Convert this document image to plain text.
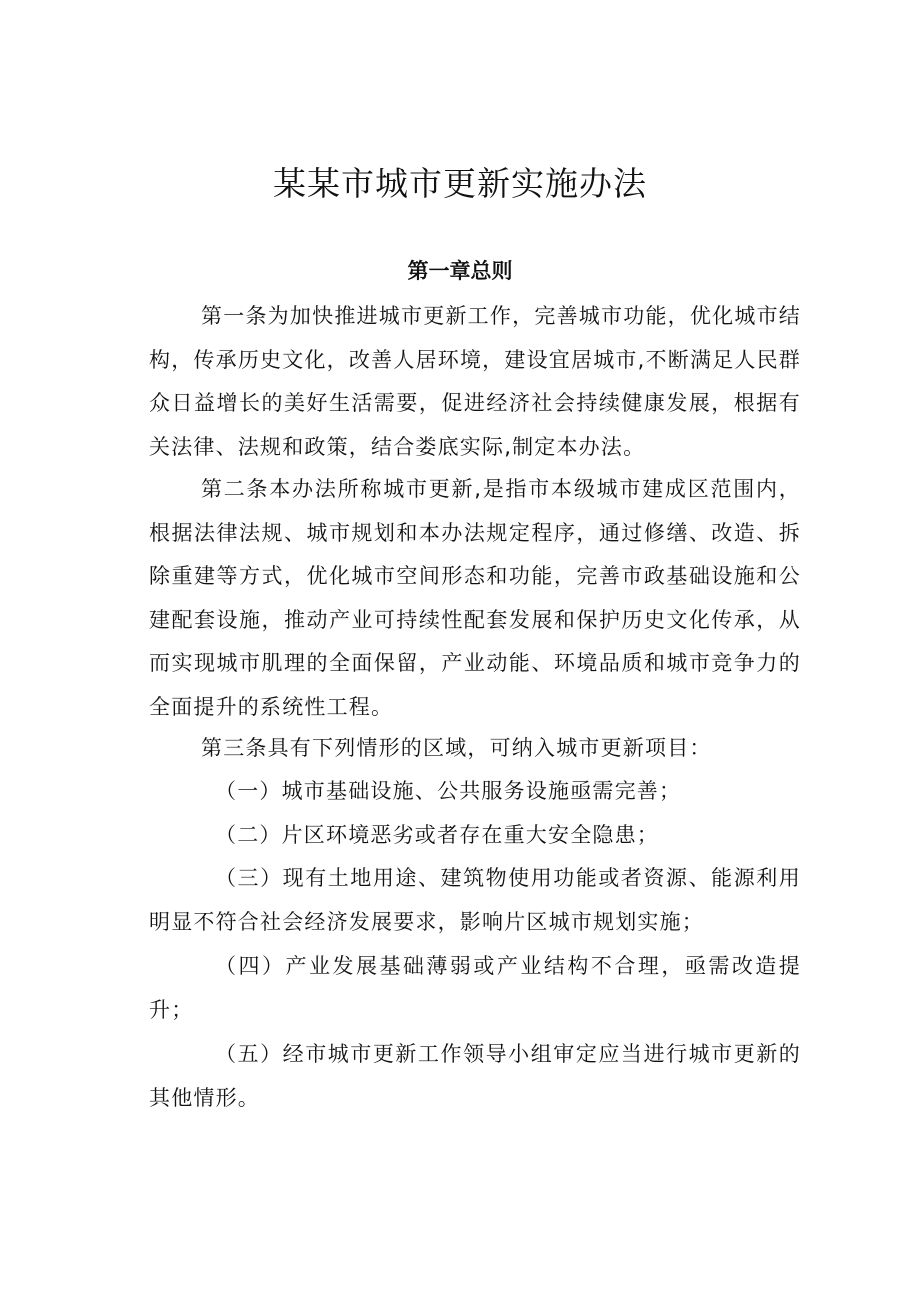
某某市城市更新实施办法
第一章总则

第一条为加快推进城市更新工作，完善城市功能，优化城市结构，传承历史文化，改善人居环境，建设宜居城市,不断满足人民群众日益增长的美好生活需要，促进经济社会持续健康发展，根据有关法律、法规和政策，结合娄底实际,制定本办法。

第二条本办法所称城市更新,是指市本级城市建成区范围内，根据法律法规、城市规划和本办法规定程序，通过修缮、改造、拆除重建等方式，优化城市空间形态和功能，完善市政基础设施和公建配套设施，推动产业可持续性配套发展和保护历史文化传承，从而实现城市肌理的全面保留，产业动能、环境品质和城市竞争力的全面提升的系统性工程。

第三条具有下列情形的区域，可纳入城市更新项目：

（一）城市基础设施、公共服务设施亟需完善；

（二）片区环境恶劣或者存在重大安全隐患；

（三）现有土地用途、建筑物使用功能或者资源、能源利用明显不符合社会经济发展要求，影响片区城市规划实施；

（四）产业发展基础薄弱或产业结构不合理，亟需改造提升；

（五）经市城市更新工作领导小组审定应当进行城市更新的其他情形。
